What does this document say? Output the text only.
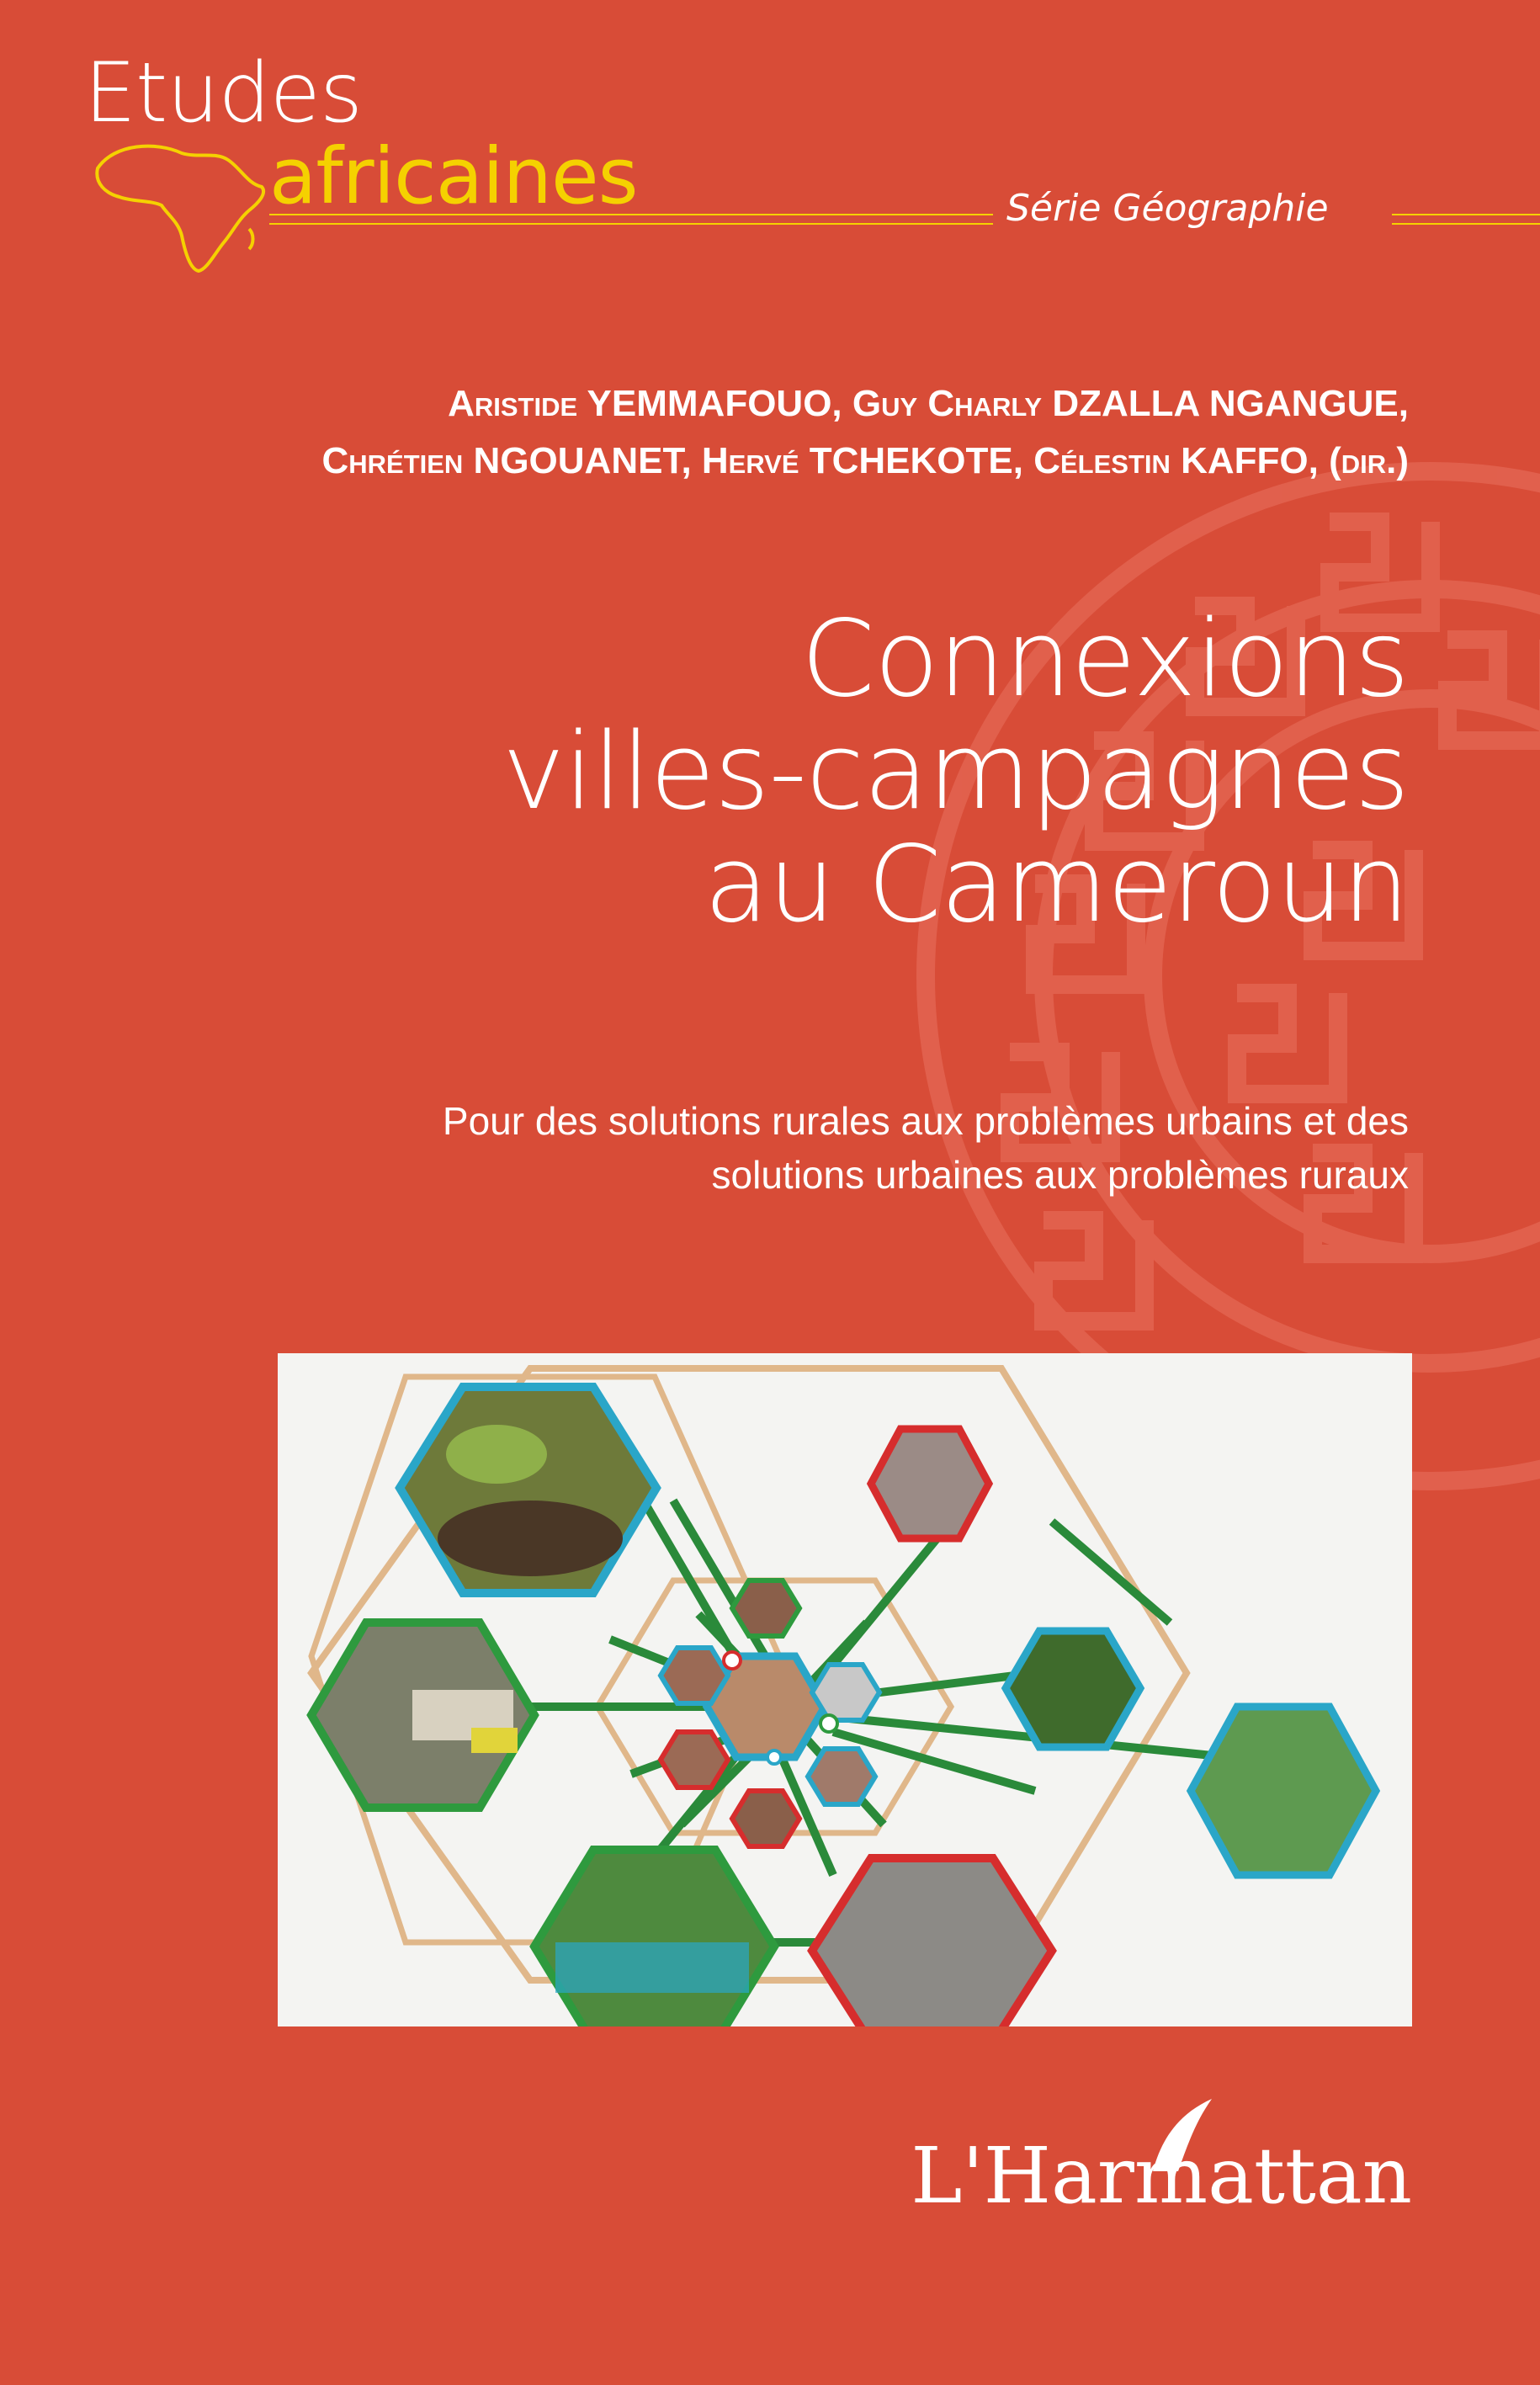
Etudes
africaines	Série Géographie
Aristide YEMMAFOUO, Guy Charly DZALLA NGANGUE,
Chrétien NGOUANET, Hervé TCHEKOTE, Célestin KAFFO, (dir.)
Connexions
villes-campagnes
au Cameroun
Pour des solutions rurales aux problèmes urbains et des
solutions urbaines aux problèmes ruraux
L'Harmattan
